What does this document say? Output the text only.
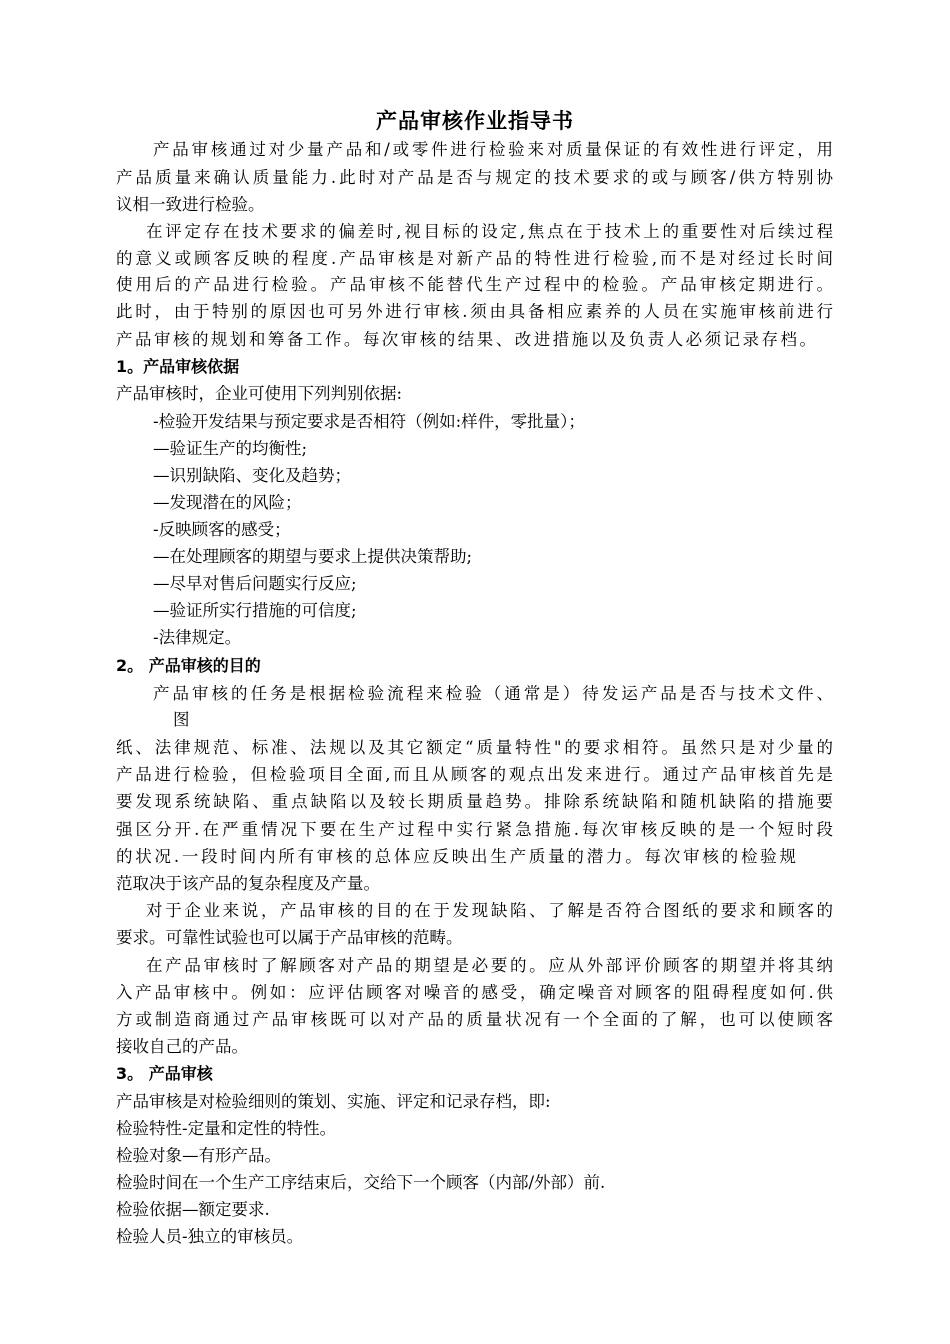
产品审核作业指导书
产品审核通过对少量产品和/或零件进行检验来对质量保证的有效性进行评定，用
产品质量来确认质量能力.此时对产品是否与规定的技术要求的或与顾客/供方特别协
议相一致进行检验。
在评定存在技术要求的偏差时,视目标的设定,焦点在于技术上的重要性对后续过程
的意义或顾客反映的程度.产品审核是对新产品的特性进行检验,而不是对经过长时间
使用后的产品进行检验。产品审核不能替代生产过程中的检验。产品审核定期进行。
此时，由于特别的原因也可另外进行审核.须由具备相应素养的人员在实施审核前进行
产品审核的规划和筹备工作。每次审核的结果、改进措施以及负责人必须记录存档。
1。产品审核依据
产品审核时，企业可使用下列判别依据:
-检验开发结果与预定要求是否相符（例如:样件，零批量）；
—验证生产的均衡性;
—识别缺陷、变化及趋势；
—发现潜在的风险；
-反映顾客的感受；
—在处理顾客的期望与要求上提供决策帮助;
—尽早对售后问题实行反应;
—验证所实行措施的可信度;
-法律规定。
2。 产品审核的目的
产品审核的任务是根据检验流程来检验（通常是）待发运产品是否与技术文件、
图
纸、法律规范、标准、法规以及其它额定“质量特性"的要求相符。虽然只是对少量的
产品进行检验，但检验项目全面,而且从顾客的观点出发来进行。通过产品审核首先是
要发现系统缺陷、重点缺陷以及较长期质量趋势。排除系统缺陷和随机缺陷的措施要
强区分开.在严重情况下要在生产过程中实行紧急措施.每次审核反映的是一个短时段
的状况.一段时间内所有审核的总体应反映出生产质量的潜力。每次审核的检验规
范取决于该产品的复杂程度及产量。
对于企业来说，产品审核的目的在于发现缺陷、了解是否符合图纸的要求和顾客的
要求。可靠性试验也可以属于产品审核的范畴。
在产品审核时了解顾客对产品的期望是必要的。应从外部评价顾客的期望并将其纳
入产品审核中。例如：应评估顾客对噪音的感受，确定噪音对顾客的阻碍程度如何.供
方或制造商通过产品审核既可以对产品的质量状况有一个全面的了解，也可以使顾客
接收自己的产品。
3。 产品审核
产品审核是对检验细则的策划、实施、评定和记录存档，即:
检验特性-定量和定性的特性。
检验对象—有形产品。
检验时间在一个生产工序结束后，交给下一个顾客（内部/外部）前.
检验依据—额定要求.
检验人员-独立的审核员。
